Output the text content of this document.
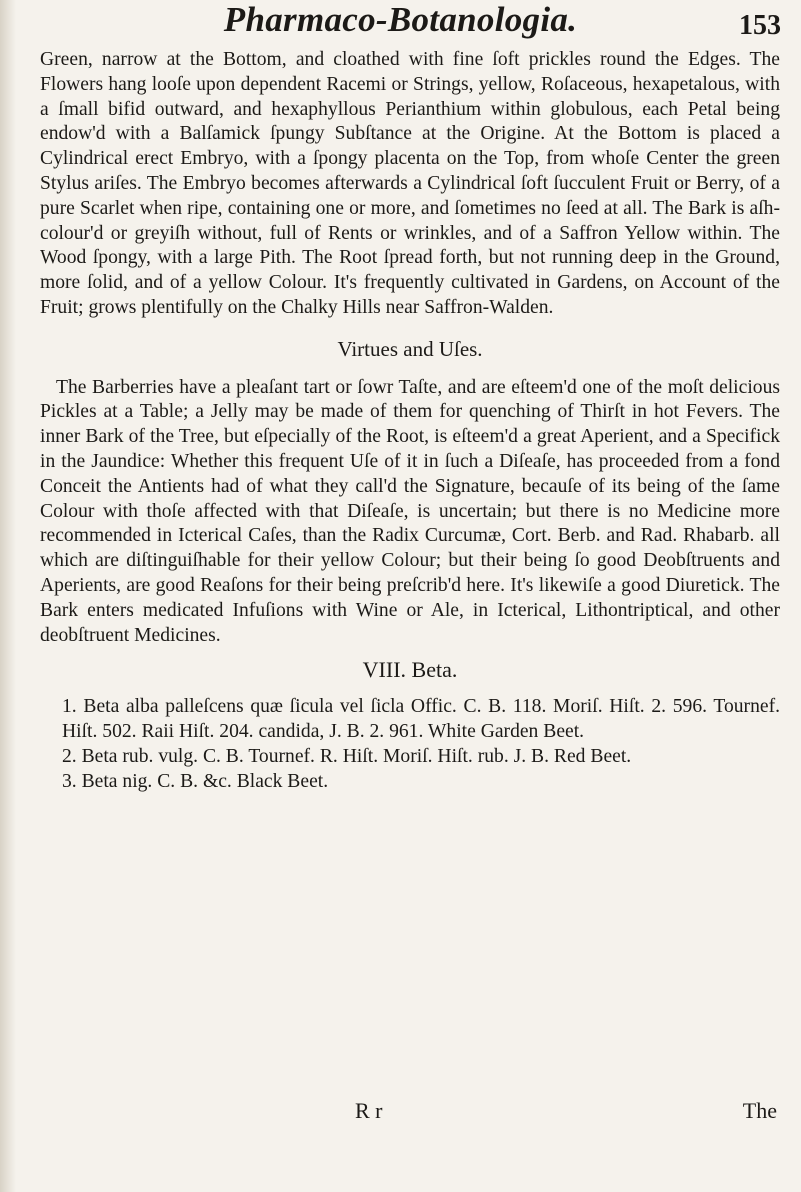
Pharmaco-Botanologia.	153

Green, narrow at the Bottom, and cloathed with fine ſoft prickles round the Edges. The Flowers hang looſe upon dependent Racemi or Strings, yellow, Roſaceous, hexapetalous, with a ſmall bifid outward, and hexaphyllous Perianthium within globulous, each Petal being endow'd with a Balſamick ſpungy Subſtance at the Origine. At the Bottom is placed a Cylindrical erect Embryo, with a ſpongy placenta on the Top, from whoſe Center the green Stylus ariſes. The Embryo becomes afterwards a Cylindrical ſoft ſucculent Fruit or Berry, of a pure Scarlet when ripe, containing one or more, and ſometimes no ſeed at all. The Bark is aſh-colour'd or greyiſh without, full of Rents or wrinkles, and of a Saffron Yellow within. The Wood ſpongy, with a large Pith. The Root ſpread forth, but not running deep in the Ground, more ſolid, and of a yellow Colour. It's frequently cultivated in Gardens, on Account of the Fruit; grows plentifully on the Chalky Hills near Saffron-Walden.

Virtues and Uſes.

The Barberries have a pleaſant tart or ſowr Taſte, and are eſteem'd one of the moſt delicious Pickles at a Table; a Jelly may be made of them for quenching of Thirſt in hot Fevers. The inner Bark of the Tree, but eſpecially of the Root, is eſteem'd a great Aperient, and a Specifick in the Jaundice: Whether this frequent Uſe of it in ſuch a Diſeaſe, has proceeded from a fond Conceit the Antients had of what they call'd the Signature, becauſe of its being of the ſame Colour with thoſe affected with that Diſeaſe, is uncertain; but there is no Medicine more recommended in Icterical Caſes, than the Radix Curcumæ, Cort. Berb. and Rad. Rhabarb. all which are diſtinguiſhable for their yellow Colour; but their being ſo good Deobſtruents and Aperients, are good Reaſons for their being preſcrib'd here. It's likewiſe a good Diuretick. The Bark enters medicated Infuſions with Wine or Ale, in Icterical, Lithontriptical, and other deobſtruent Medicines.

VIII. Beta.

1. Beta alba palleſcens quæ ſicula vel ſicla Offic. C. B. 118. Moriſ. Hiſt. 2. 596. Tournef. Hiſt. 502. Raii Hiſt. 204. candida, J. B. 2. 961. White Garden Beet.

2. Beta rub. vulg. C. B. Tournef. R. Hiſt. Moriſ. Hiſt. rub. J. B. Red Beet.

3. Beta nig. C. B. &c. Black Beet.

R r	The
